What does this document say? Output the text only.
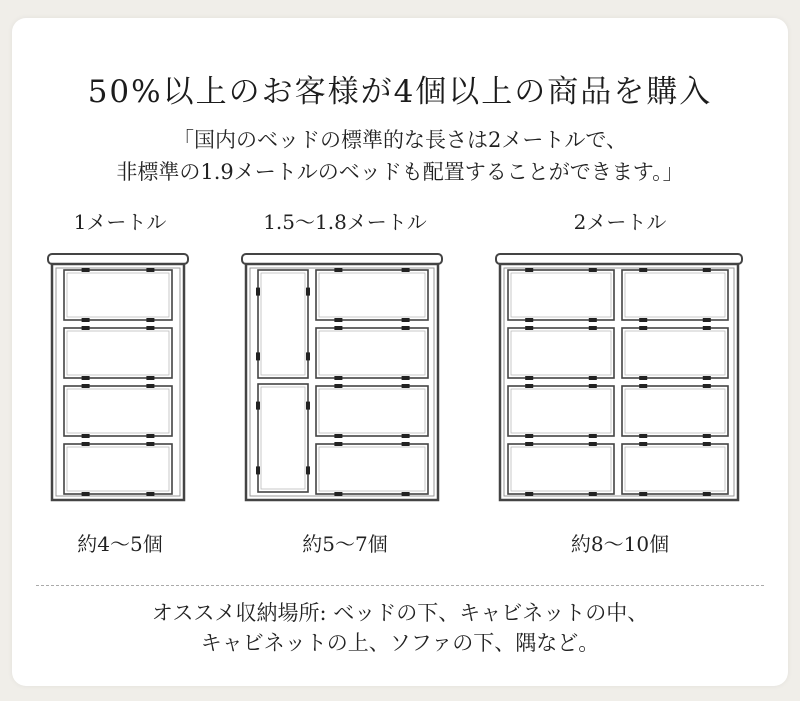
50%以上のお客様が4個以上の商品を購入
「国内のベッドの標準的な長さは2メートルで、
非標準の1.9メートルのベッドも配置することができます。」
1メートル	1.5～1.8メートル	2メートル
約4～5個	約5～7個	約8～10個
オススメ収納場所: ベッドの下、キャビネットの中、
キャビネットの上、ソファの下、隅など。
